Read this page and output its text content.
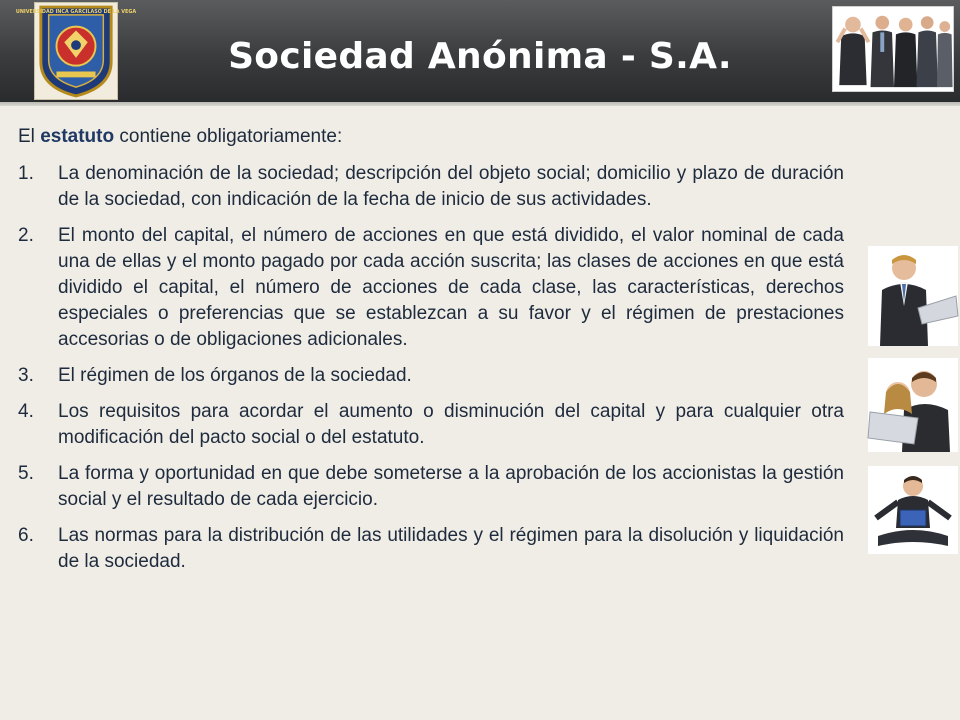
UNIVERSIDAD INCA GARCILASO DE LA VEGA
Sociedad Anónima - S.A.
El estatuto contiene obligatoriamente:
1.	La denominación de la sociedad; descripción del objeto social; domicilio y plazo de duración de la sociedad, con indicación de la fecha de inicio de sus actividades.
2.	El monto del capital, el número de acciones en que está dividido, el valor nominal de cada una de ellas y el monto pagado por cada acción suscrita; las clases de acciones en que está dividido el capital, el número de acciones de cada clase, las características, derechos especiales o preferencias que se establezcan a su favor y el régimen de prestaciones accesorias o de obligaciones adicionales.
3.	El régimen de los órganos de la sociedad.
4.	Los requisitos para acordar el aumento o disminución del capital y para cualquier otra modificación del pacto social o del estatuto.
5.	La forma y oportunidad en que debe someterse a la aprobación de los accionistas la gestión social y el resultado de cada ejercicio.
6.	Las normas para la distribución de las utilidades y el régimen para la disolución y liquidación de la sociedad.
